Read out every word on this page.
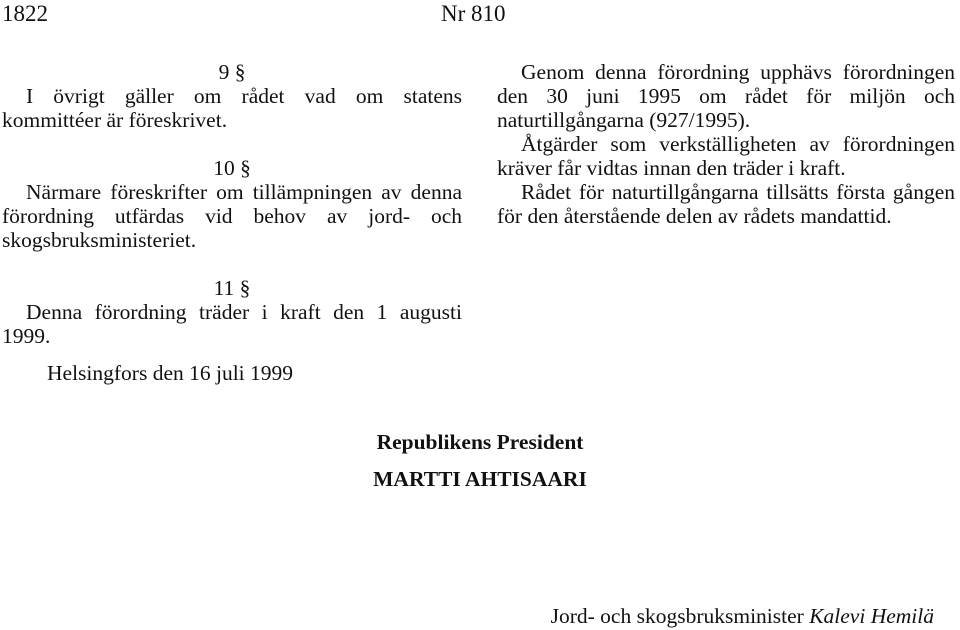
1822	Nr 810

9 §

I övrigt gäller om rådet vad om statens kommittéer är föreskrivet.

10 §

Närmare föreskrifter om tillämpningen av denna förordning utfärdas vid behov av jord- och skogsbruksministeriet.

11 §

Denna förordning träder i kraft den 1 augusti 1999.

Genom denna förordning upphävs förordningen den 30 juni 1995 om rådet för miljön och naturtillgångarna (927/1995).

Åtgärder som verkställigheten av förordningen kräver får vidtas innan den träder i kraft.

Rådet för naturtillgångarna tillsätts första gången för den återstående delen av rådets mandattid.

Helsingfors den 16 juli 1999
Republikens President
MARTTI AHTISAARI
Jord- och skogsbruksminister Kalevi Hemilä
